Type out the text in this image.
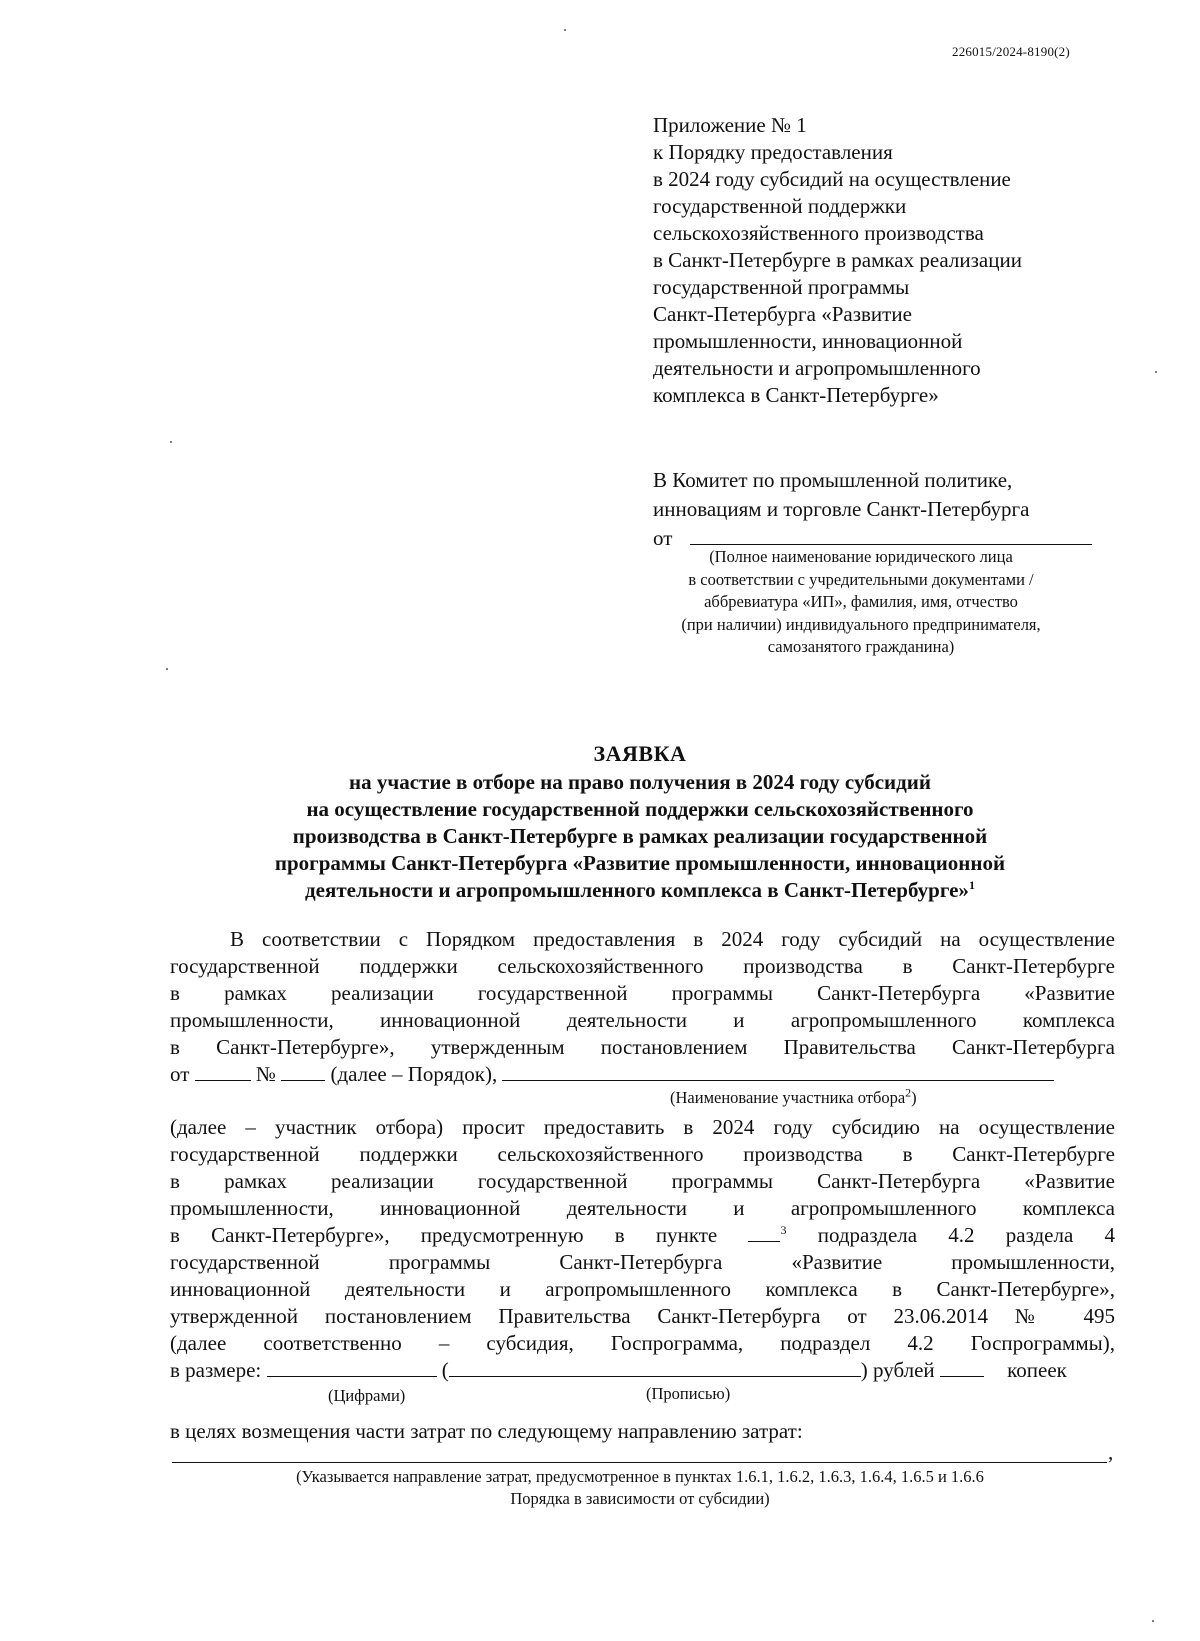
226015/2024-8190(2)
Приложение № 1
к Порядку предоставления
в 2024 году субсидий на осуществление
государственной поддержки
сельскохозяйственного производства
в Санкт-Петербурге в рамках реализации
государственной программы
Санкт-Петербурга «Развитие
промышленности, инновационной
деятельности и агропромышленного
комплекса в Санкт-Петербурге»
В Комитет по промышленной политике,
инновациям и торговле Санкт-Петербурга
от
(Полное наименование юридического лица
в соответствии с учредительными документами /
аббревиатура «ИП», фамилия, имя, отчество
(при наличии) индивидуального предпринимателя,
самозанятого гражданина)
ЗАЯВКА
на участие в отборе на право получения в 2024 году субсидий
на осуществление государственной поддержки сельскохозяйственного
производства в Санкт-Петербурге в рамках реализации государственной
программы Санкт-Петербурга «Развитие промышленности, инновационной
деятельности и агропромышленного комплекса в Санкт-Петербурге»$^1$
В соответствии с Порядком предоставления в 2024 году субсидий на осуществление
государственной поддержки сельскохозяйственного производства в Санкт-Петербурге
в рамках реализации государственной программы Санкт-Петербурга «Развитие
промышленности, инновационной деятельности и агропромышленного комплекса
в Санкт-Петербурге», утвержденным постановлением Правительства Санкт-Петербурга
от	№	(далее – Порядок),
(Наименование участника отбора$^2$)
(далее – участник отбора) просит предоставить в 2024 году субсидию на осуществление
государственной поддержки сельскохозяйственного производства в Санкт-Петербурге
в рамках реализации государственной программы Санкт-Петербурга «Развитие
промышленности, инновационной деятельности и агропромышленного комплекса
в Санкт-Петербурге», предусмотренную в пункте	$^3$ подраздела 4.2 раздела 4
государственной программы Санкт-Петербурга «Развитие промышленности,
инновационной деятельности и агропромышленного комплекса в Санкт-Петербурге»,
утвержденной постановлением Правительства Санкт-Петербурга от 23.06.2014 № 495
(далее соответственно – субсидия, Госпрограмма, подраздел 4.2 Госпрограммы),
в размере:	(	) рублей	копеек
(Цифрами)	(Прописью)
в целях возмещения части затрат по следующему направлению затрат:
,
(Указывается направление затрат, предусмотренное в пунктах 1.6.1, 1.6.2, 1.6.3, 1.6.4, 1.6.5 и 1.6.6
Порядка в зависимости от субсидии)
